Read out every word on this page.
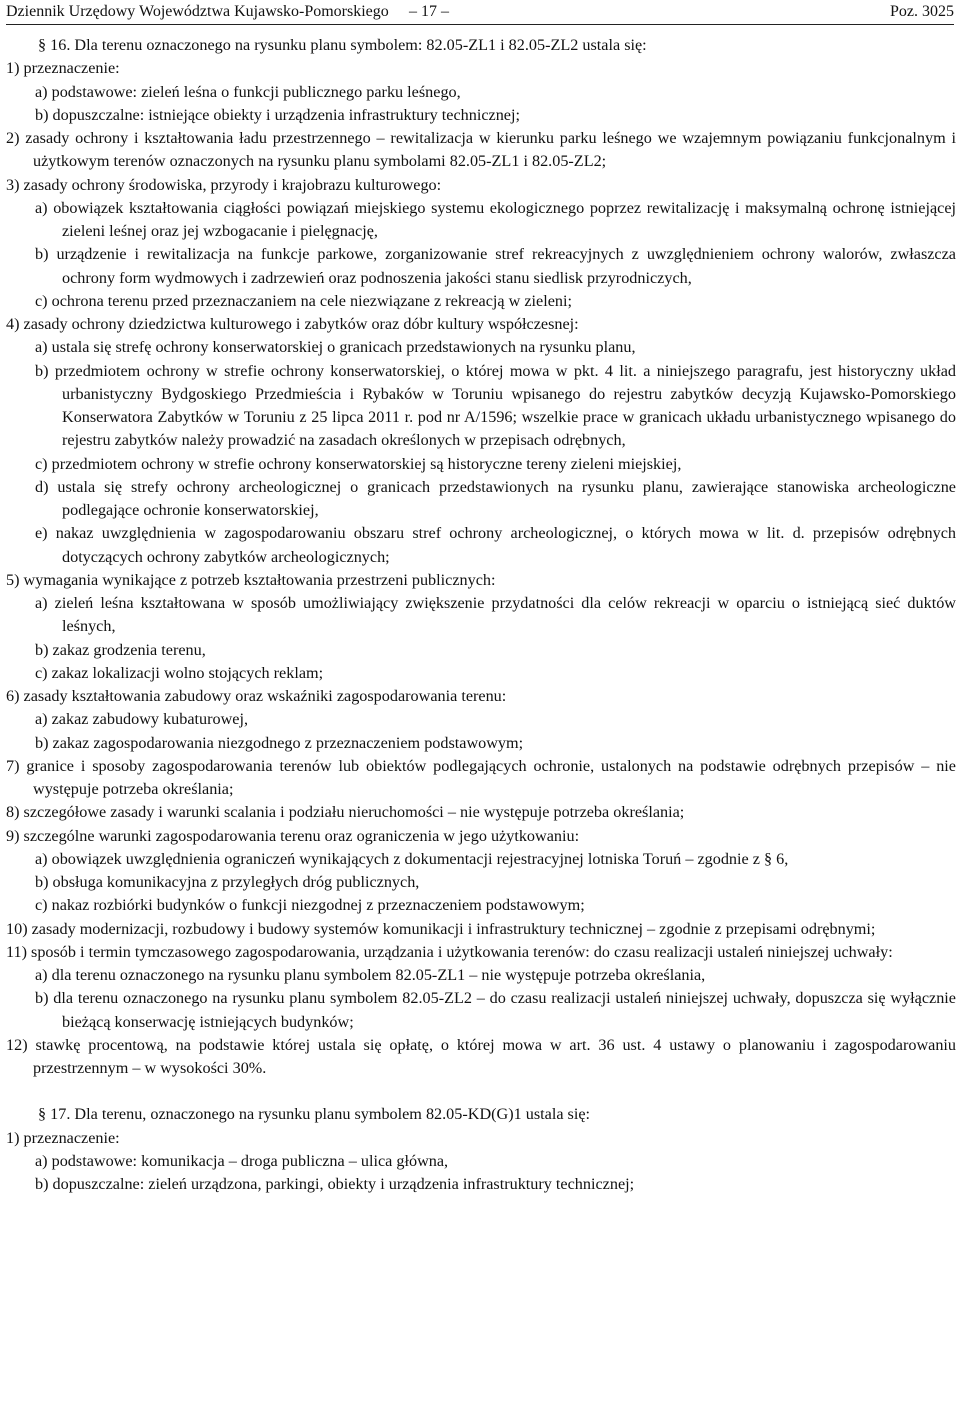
Dziennik Urzędowy Województwa Kujawsko-Pomorskiego – 17 –	Poz. 3025

§ 16. Dla terenu oznaczonego na rysunku planu symbolem: 82.05-ZL1 i 82.05-ZL2 ustala się:

1) przeznaczenie:

a) podstawowe: zieleń leśna o funkcji publicznego parku leśnego,

b) dopuszczalne: istniejące obiekty i urządzenia infrastruktury technicznej;

2) zasady ochrony i kształtowania ładu przestrzennego – rewitalizacja w kierunku parku leśnego we wzajemnym powiązaniu funkcjonalnym i użytkowym terenów oznaczonych na rysunku planu symbolami 82.05-ZL1 i 82.05-ZL2;

3) zasady ochrony środowiska, przyrody i krajobrazu kulturowego:

a) obowiązek kształtowania ciągłości powiązań miejskiego systemu ekologicznego poprzez rewitalizację i maksymalną ochronę istniejącej zieleni leśnej oraz jej wzbogacanie i pielęgnację,

b) urządzenie i rewitalizacja na funkcje parkowe, zorganizowanie stref rekreacyjnych z uwzględnieniem ochrony walorów, zwłaszcza ochrony form wydmowych i zadrzewień oraz podnoszenia jakości stanu siedlisk przyrodniczych,

c) ochrona terenu przed przeznaczaniem na cele niezwiązane z rekreacją w zieleni;

4) zasady ochrony dziedzictwa kulturowego i zabytków oraz dóbr kultury współczesnej:

a) ustala się strefę ochrony konserwatorskiej o granicach przedstawionych na rysunku planu,

b) przedmiotem ochrony w strefie ochrony konserwatorskiej, o której mowa w pkt. 4 lit. a niniejszego paragrafu, jest historyczny układ urbanistyczny Bydgoskiego Przedmieścia i Rybaków w Toruniu wpisanego do rejestru zabytków decyzją Kujawsko-Pomorskiego Konserwatora Zabytków w Toruniu z 25 lipca 2011 r. pod nr A/1596; wszelkie prace w granicach układu urbanistycznego wpisanego do rejestru zabytków należy prowadzić na zasadach określonych w przepisach odrębnych,

c) przedmiotem ochrony w strefie ochrony konserwatorskiej są historyczne tereny zieleni miejskiej,

d) ustala się strefy ochrony archeologicznej o granicach przedstawionych na rysunku planu, zawierające stanowiska archeologiczne podlegające ochronie konserwatorskiej,

e) nakaz uwzględnienia w zagospodarowaniu obszaru stref ochrony archeologicznej, o których mowa w lit. d. przepisów odrębnych dotyczących ochrony zabytków archeologicznych;

5) wymagania wynikające z potrzeb kształtowania przestrzeni publicznych:

a) zieleń leśna kształtowana w sposób umożliwiający zwiększenie przydatności dla celów rekreacji w oparciu o istniejącą sieć duktów leśnych,

b) zakaz grodzenia terenu,

c) zakaz lokalizacji wolno stojących reklam;

6) zasady kształtowania zabudowy oraz wskaźniki zagospodarowania terenu:

a) zakaz zabudowy kubaturowej,

b) zakaz zagospodarowania niezgodnego z przeznaczeniem podstawowym;

7) granice i sposoby zagospodarowania terenów lub obiektów podlegających ochronie, ustalonych na podstawie odrębnych przepisów – nie występuje potrzeba określania;

8) szczegółowe zasady i warunki scalania i podziału nieruchomości – nie występuje potrzeba określania;

9) szczególne warunki zagospodarowania terenu oraz ograniczenia w jego użytkowaniu:

a) obowiązek uwzględnienia ograniczeń wynikających z dokumentacji rejestracyjnej lotniska Toruń – zgodnie z § 6,

b) obsługa komunikacyjna z przyległych dróg publicznych,

c) nakaz rozbiórki budynków o funkcji niezgodnej z przeznaczeniem podstawowym;

10) zasady modernizacji, rozbudowy i budowy systemów komunikacji i infrastruktury technicznej – zgodnie z przepisami odrębnymi;

11) sposób i termin tymczasowego zagospodarowania, urządzania i użytkowania terenów: do czasu realizacji ustaleń niniejszej uchwały:

a) dla terenu oznaczonego na rysunku planu symbolem 82.05-ZL1 – nie występuje potrzeba określania,

b) dla terenu oznaczonego na rysunku planu symbolem 82.05-ZL2 – do czasu realizacji ustaleń niniejszej uchwały, dopuszcza się wyłącznie bieżącą konserwację istniejących budynków;

12) stawkę procentową, na podstawie której ustala się opłatę, o której mowa w art. 36 ust. 4 ustawy o planowaniu i zagospodarowaniu przestrzennym – w wysokości 30%.

§ 17. Dla terenu, oznaczonego na rysunku planu symbolem 82.05-KD(G)1 ustala się:

1) przeznaczenie:

a) podstawowe: komunikacja – droga publiczna – ulica główna,

b) dopuszczalne: zieleń urządzona, parkingi, obiekty i urządzenia infrastruktury technicznej;
